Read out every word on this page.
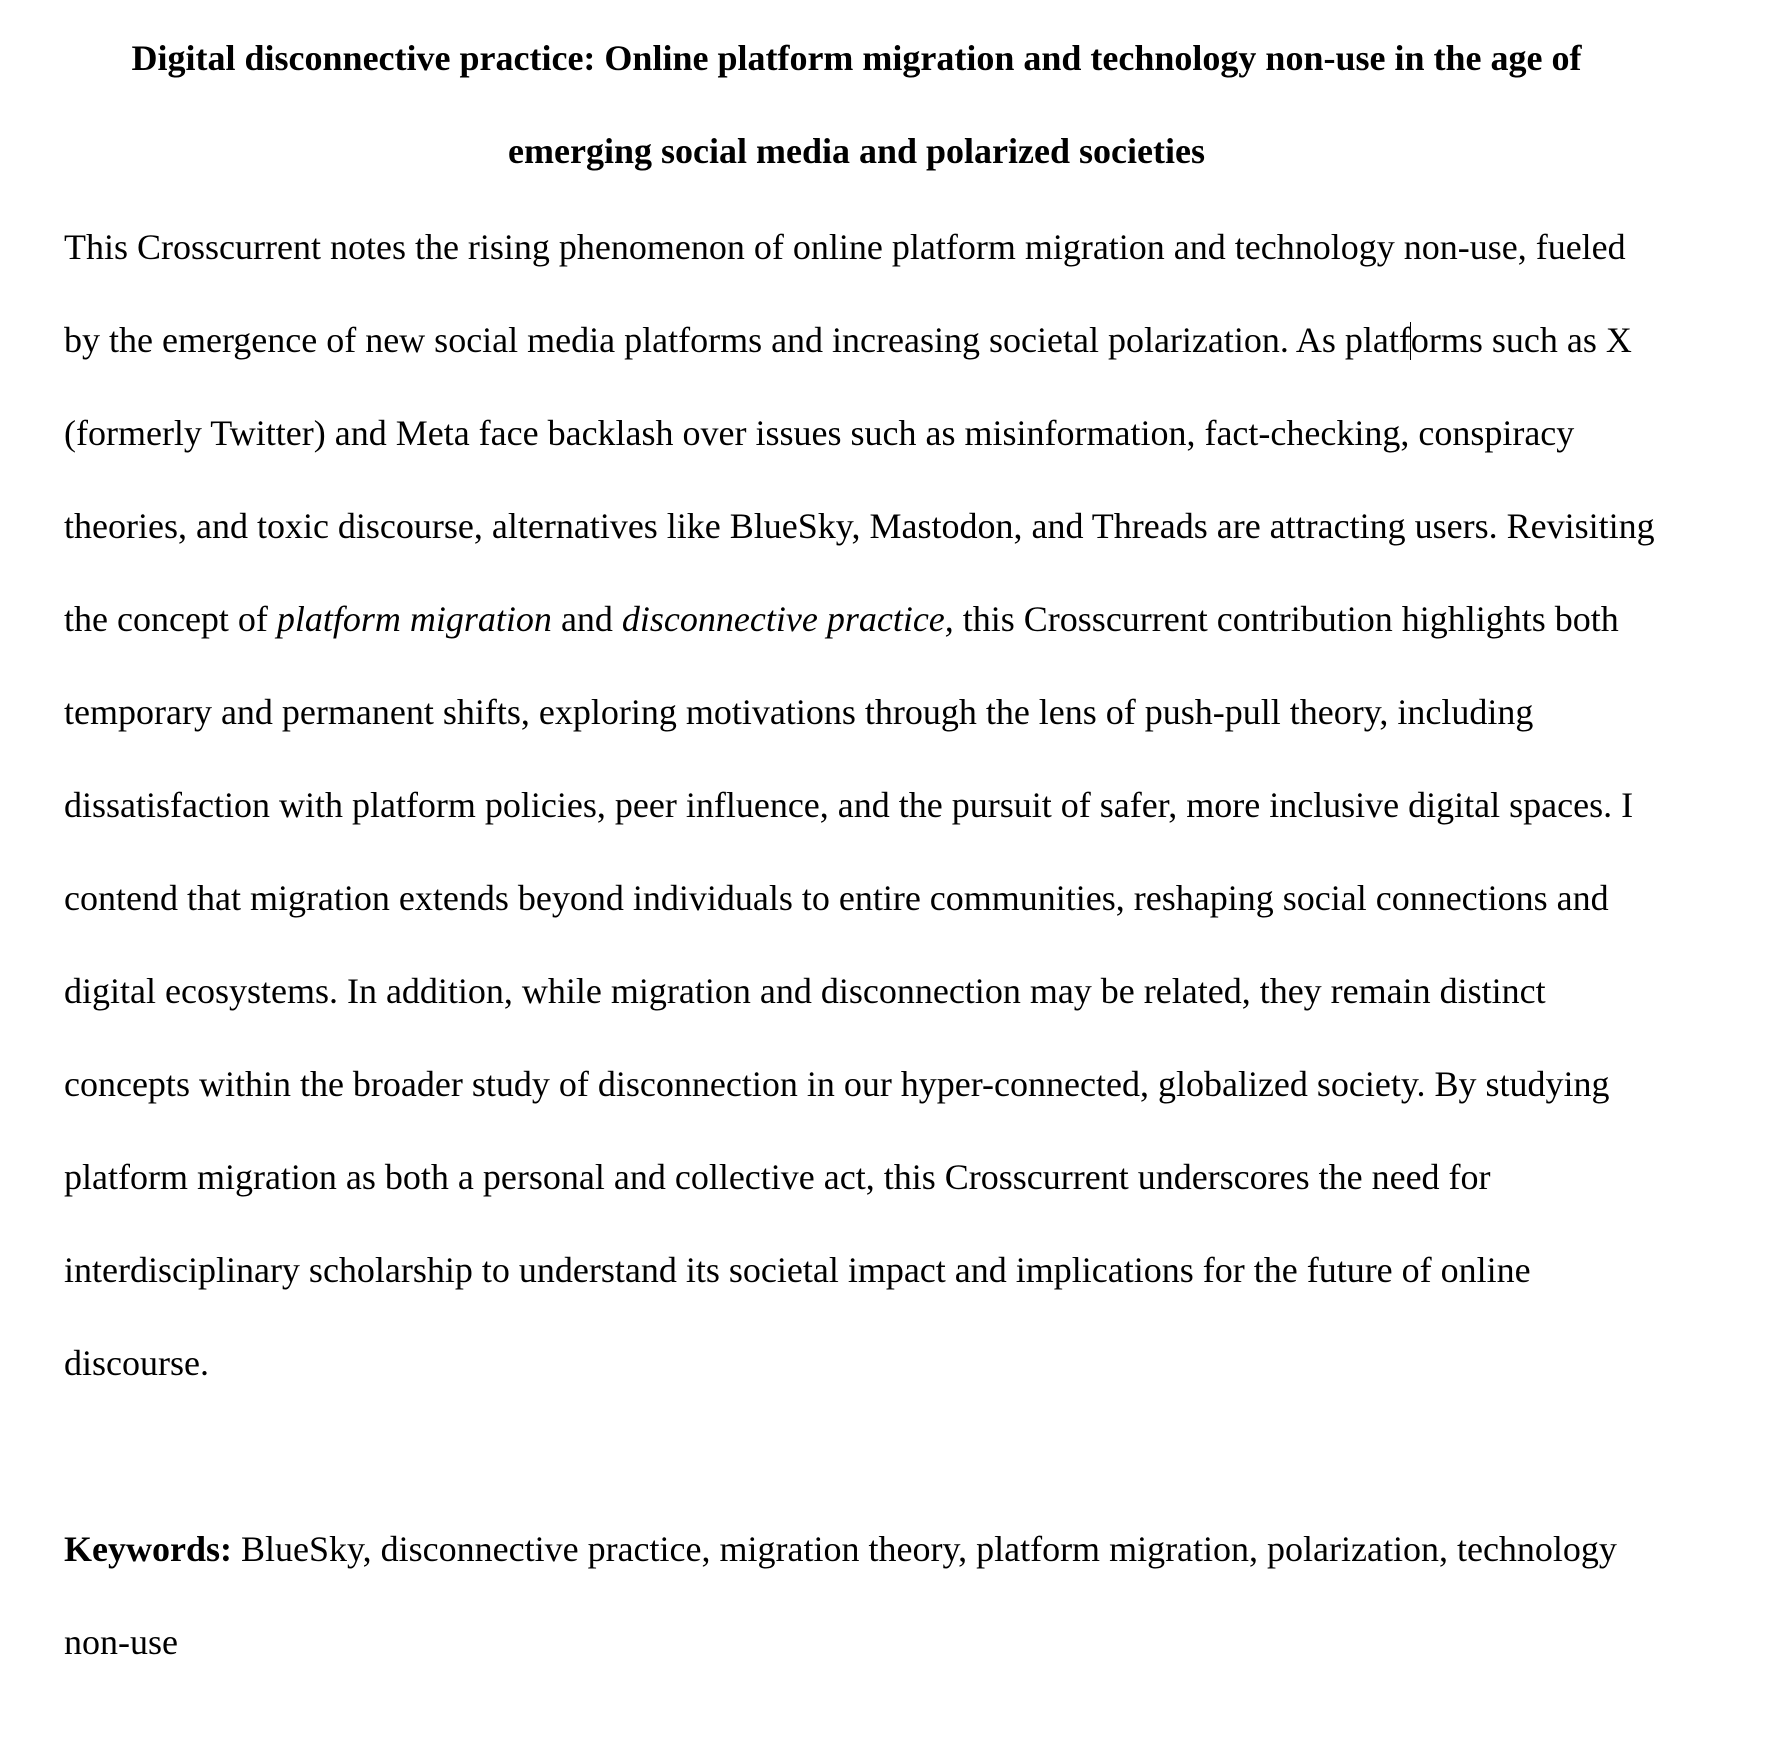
Digital disconnective practice: Online platform migration and technology non-use in the age of emerging social media and polarized societies

This Crosscurrent notes the rising phenomenon of online platform migration and technology non-use, fueled by the emergence of new social media platforms and increasing societal polarization. As platforms such as X (formerly Twitter) and Meta face backlash over issues such as misinformation, fact-checking, conspiracy theories, and toxic discourse, alternatives like BlueSky, Mastodon, and Threads are attracting users. Revisiting the concept of platform migration and disconnective practice, this Crosscurrent contribution highlights both temporary and permanent shifts, exploring motivations through the lens of push-pull theory, including dissatisfaction with platform policies, peer influence, and the pursuit of safer, more inclusive digital spaces. I contend that migration extends beyond individuals to entire communities, reshaping social connections and digital ecosystems. In addition, while migration and disconnection may be related, they remain distinct concepts within the broader study of disconnection in our hyper-connected, globalized society. By studying platform migration as both a personal and collective act, this Crosscurrent underscores the need for interdisciplinary scholarship to understand its societal impact and implications for the future of online discourse.

Keywords: BlueSky, disconnective practice, migration theory, platform migration, polarization, technology non-use
